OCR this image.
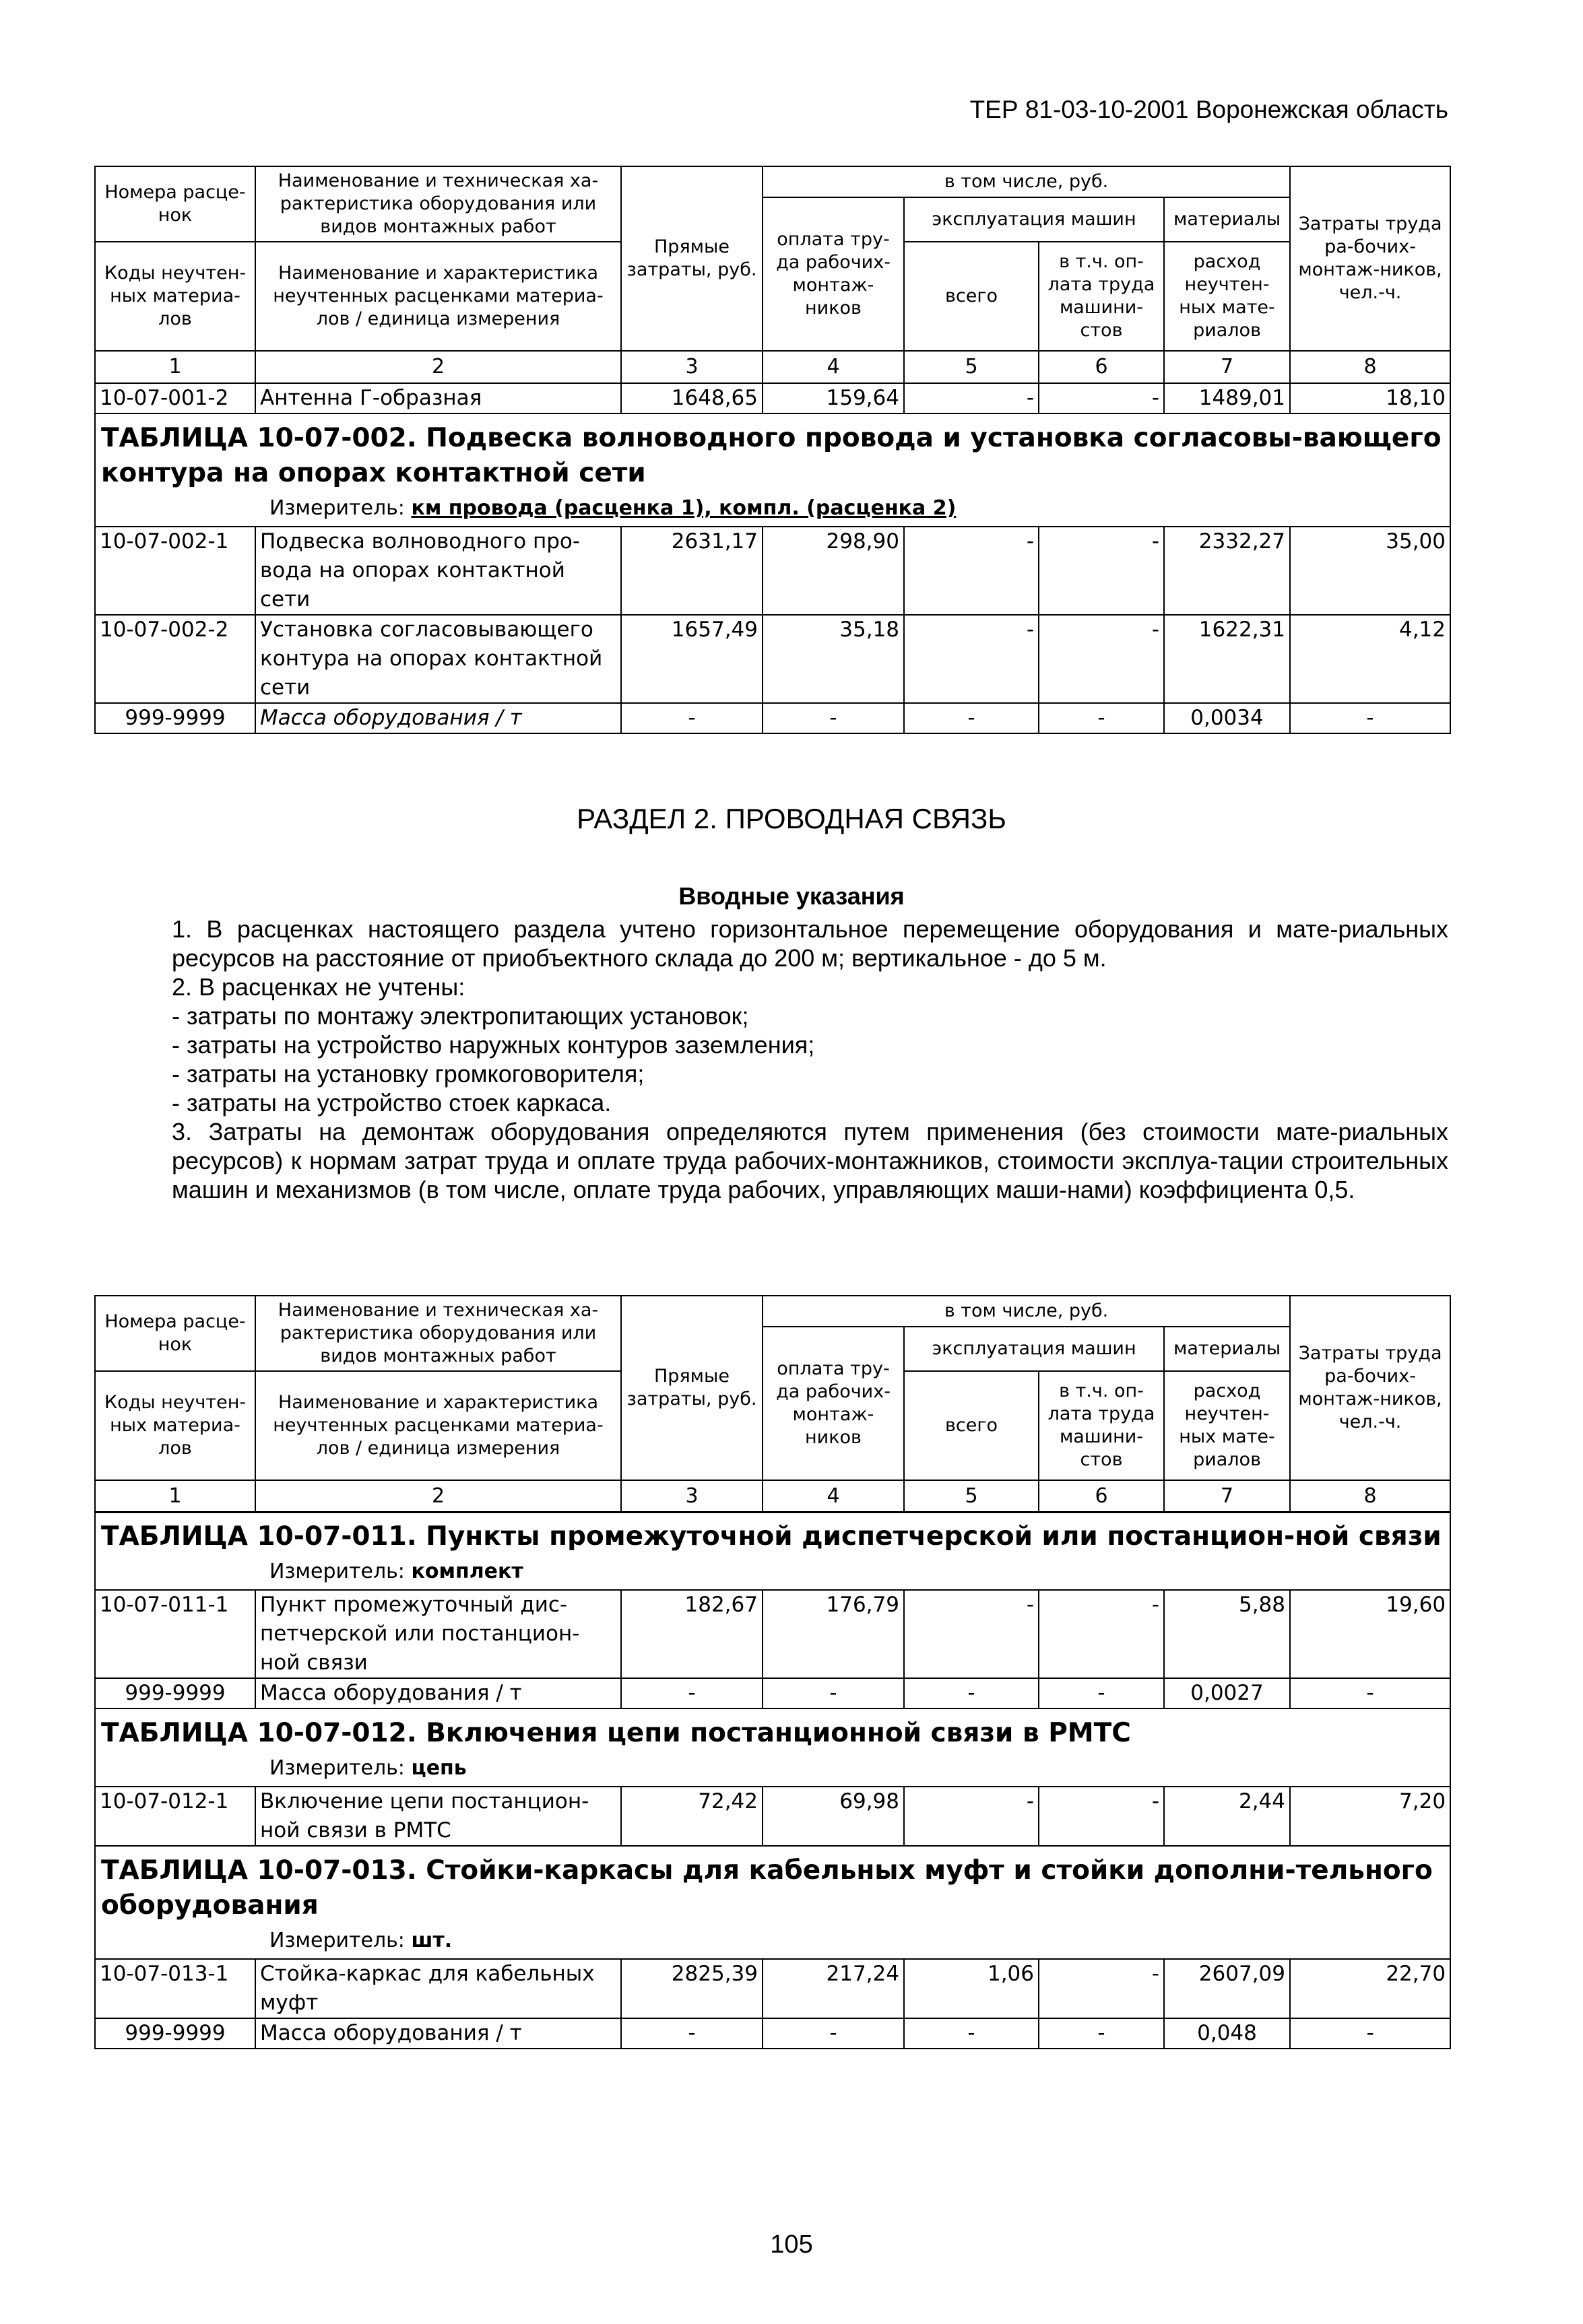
ТЕР 81-03-10-2001 Воронежская область
Номера расце-нок	Наименование и техническая ха-рактеристика оборудования или видов монтажных работ	Прямые затраты, руб.	в том числе, руб.				Затраты труда ра-бочих-монтаж-ников, чел.-ч.
			оплата тру-да рабочих-монтаж-ников	эксплуатация машин		материалы	
Коды неучтен-ных материа-лов	Наименование и характеристика неучтенных расценками материа-лов / единица измерения			всего	в т.ч. оп-лата труда машини-стов	расход неучтен-ных мате-риалов	

1	2	3	4	5	6	7	8
10-07-001-2	Антенна Г-образная	1648,65	159,64	-	-	1489,01	18,10
ТАБЛИЦА 10-07-002. Подвеска волноводного провода и установка согласовы-вающего контура на опорах контактной сети
Измеритель: км провода (расценка 1), компл. (расценка 2)							

10-07-002-1	Подвеска волноводного про-вода на опорах контактной сети	2631,17	298,90	-	-	2332,27	35,00
10-07-002-2	Установка согласовывающего контура на опорах контактной сети	1657,49	35,18	-	-	1622,31	4,12
999-9999	Масса оборудования / т	-	-	-	-	0,0034	-
РАЗДЕЛ 2. ПРОВОДНАЯ СВЯЗЬ
Вводные указания
1. В расценках настоящего раздела учтено горизонтальное перемещение оборудования и мате-риальных ресурсов на расстояние от приобъектного склада до 200 м; вертикальное - до 5 м.
2. В расценках не учтены:
- затраты по монтажу электропитающих установок;
- затраты на устройство наружных контуров заземления;
- затраты на установку громкоговорителя;
- затраты на устройство стоек каркаса.
3. Затраты на демонтаж оборудования определяются путем применения (без стоимости мате-риальных ресурсов) к нормам затрат труда и оплате труда рабочих-монтажников, стоимости эксплуа-тации строительных машин и механизмов (в том числе, оплате труда рабочих, управляющих маши-нами) коэффициента 0,5.
Номера расце-нок	Наименование и техническая ха-рактеристика оборудования или видов монтажных работ	Прямые затраты, руб.	в том числе, руб.				Затраты труда ра-бочих-монтаж-ников, чел.-ч.
			оплата тру-да рабочих-монтаж-ников	эксплуатация машин		материалы	
Коды неучтен-ных материа-лов	Наименование и характеристика неучтенных расценками материа-лов / единица измерения			всего	в т.ч. оп-лата труда машини-стов	расход неучтен-ных мате-риалов	

1	2	3	4	5	6	7	8
ТАБЛИЦА 10-07-011. Пункты промежуточной диспетчерской или постанцион-ной связи
Измеритель: комплект							

10-07-011-1	Пункт промежуточный дис-петчерской или постанцион-ной связи	182,67	176,79	-	-	5,88	19,60
999-9999	Масса оборудования / т	-	-	-	-	0,0027	-
ТАБЛИЦА 10-07-012. Включения цепи постанционной связи в РМТС
Измеритель: цепь							

10-07-012-1	Включение цепи постанцион-ной связи в РМТС	72,42	69,98	-	-	2,44	7,20
ТАБЛИЦА 10-07-013. Стойки-каркасы для кабельных муфт и стойки дополни-тельного оборудования
Измеритель: шт.							

10-07-013-1	Стойка-каркас для кабельных муфт	2825,39	217,24	1,06	-	2607,09	22,70
999-9999	Масса оборудования / т	-	-	-	-	0,048	-
105
